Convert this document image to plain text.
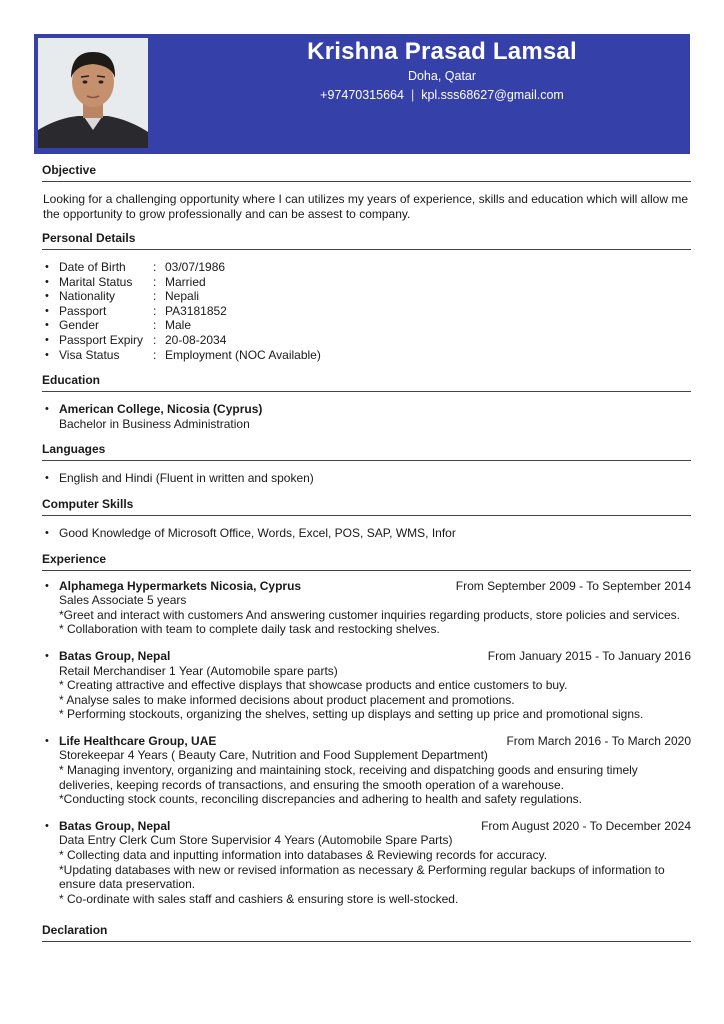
Krishna Prasad Lamsal
Doha, Qatar
+97470315664 | kpl.sss68627@gmail.com
Objective
Looking for a challenging opportunity where I can utilizes my years of experience, skills and education which will allow me the opportunity to grow professionally and can be assest to company.
Personal Details
• Date of Birth : 03/07/1986
• Marital Status : Married
• Nationality	: Nepali
• Passport	: PA3181852
• Gender	: Male
• Passport Expiry : 20-08-2034
• Visa Status	: Employment (NOC Available)
Education
• American College, Nicosia (Cyprus)
Bachelor in Business Administration
Languages
• English and Hindi (Fluent in written and spoken)
Computer Skills
• Good Knowledge of Microsoft Office, Words, Excel, POS, SAP, WMS, Infor
Experience
• Alphamega Hypermarkets Nicosia, Cyprus	From September 2009 - To September 2014
Sales Associate 5 years
*Greet and interact with customers And answering customer inquiries regarding products, store policies and services.
* Collaboration with team to complete daily task and restocking shelves.
• Batas Group, Nepal	From January 2015 - To January 2016
Retail Merchandiser 1 Year (Automobile spare parts)
* Creating attractive and effective displays that showcase products and entice customers to buy.
* Analyse sales to make informed decisions about product placement and promotions.
* Performing stockouts, organizing the shelves, setting up displays and setting up price and promotional signs.
• Life Healthcare Group, UAE	From March 2016 - To March 2020
Storekeepar 4 Years ( Beauty Care, Nutrition and Food Supplement Department)
* Managing inventory, organizing and maintaining stock, receiving and dispatching goods and ensuring timely deliveries, keeping records of transactions, and ensuring the smooth operation of a warehouse.
*Conducting stock counts, reconciling discrepancies and adhering to health and safety regulations.
• Batas Group, Nepal	From August 2020 - To December 2024
Data Entry Clerk Cum Store Supervisior 4 Years (Automobile Spare Parts)
* Collecting data and inputting information into databases & Reviewing records for accuracy.
*Updating databases with new or revised information as necessary & Performing regular backups of information to ensure data preservation.
* Co-ordinate with sales staff and cashiers & ensuring store is well-stocked.
Declaration
